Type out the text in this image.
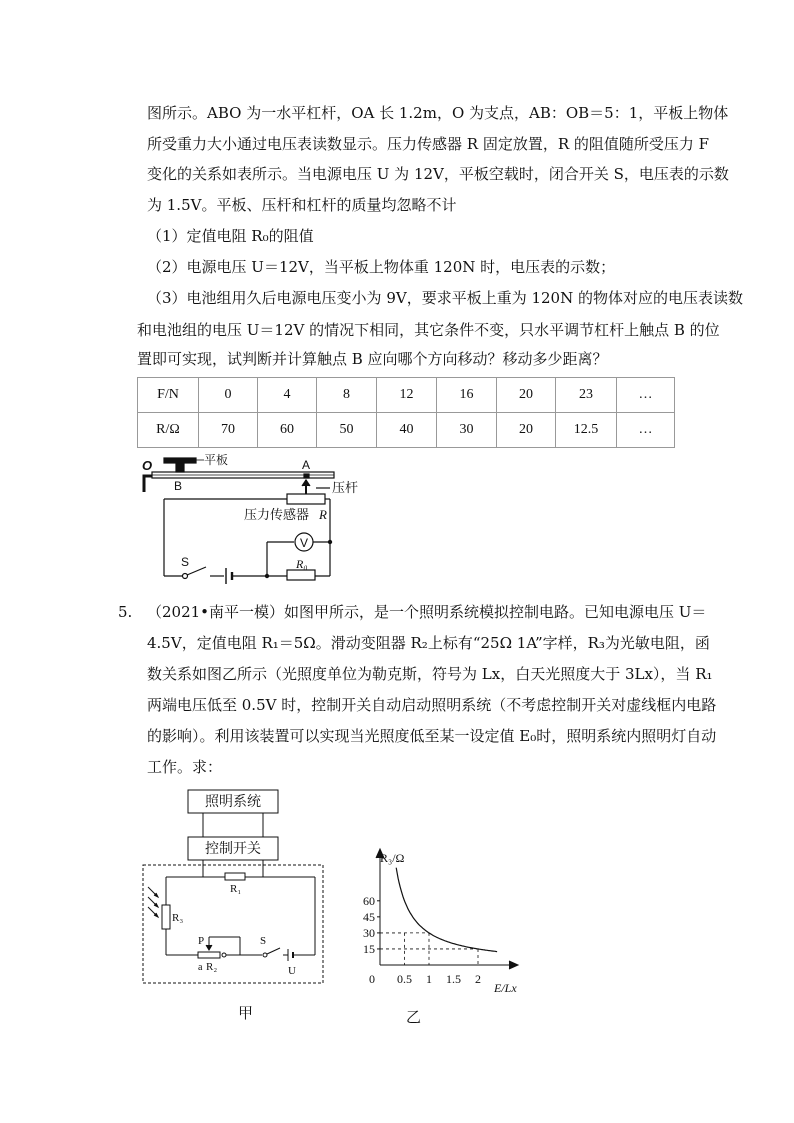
图所示。ABO 为一水平杠杆，OA 长 1.2m，O 为支点，AB：OB＝5：1，平板上物体
所受重力大小通过电压表读数显示。压力传感器 R 固定放置，R 的阻值随所受压力 F
变化的关系如表所示。当电源电压 U 为 12V，平板空载时，闭合开关 S，电压表的示数
为 1.5V。平板、压杆和杠杆的质量均忽略不计
（1）定值电阻 R₀的阻值
（2）电源电压 U＝12V，当平板上物体重 120N 时，电压表的示数；
（3）电池组用久后电源电压变小为 9V，要求平板上重为 120N 的物体对应的电压表读数
和电池组的电压 U＝12V 的情况下相同，其它条件不变，只水平调节杠杆上触点 B 的位
置即可实现，试判断并计算触点 B 应向哪个方向移动？移动多少距离？
F/N	0	4	8	12	16	20	23	…
R/Ω	70	60	50	40	30	20	12.5	…
O	平板	A
B	压杆
压力传感器 R
V
S	R₀
5. （2021•南平一模）如图甲所示，是一个照明系统模拟控制电路。已知电源电压 U＝
4.5V，定值电阻 R₁＝5Ω。滑动变阻器 R₂上标有“25Ω 1A”字样，R₃为光敏电阻，函
数关系如图乙所示（光照度单位为勒克斯，符号为 Lx，白天光照度大于 3Lx），当 R₁
两端电压低至 0.5V 时，控制开关自动启动照明系统（不考虑控制开关对虚线框内电路
的影响）。利用该装置可以实现当光照度低至某一设定值 E₀时，照明系统内照明灯自动
工作。求：
照明系统
控制开关
R₁
R₃
P
a R₂
S
U
甲
15
30
45
60
0 0.5 1 1.5 2
R₃/Ω
E/Lx
乙
